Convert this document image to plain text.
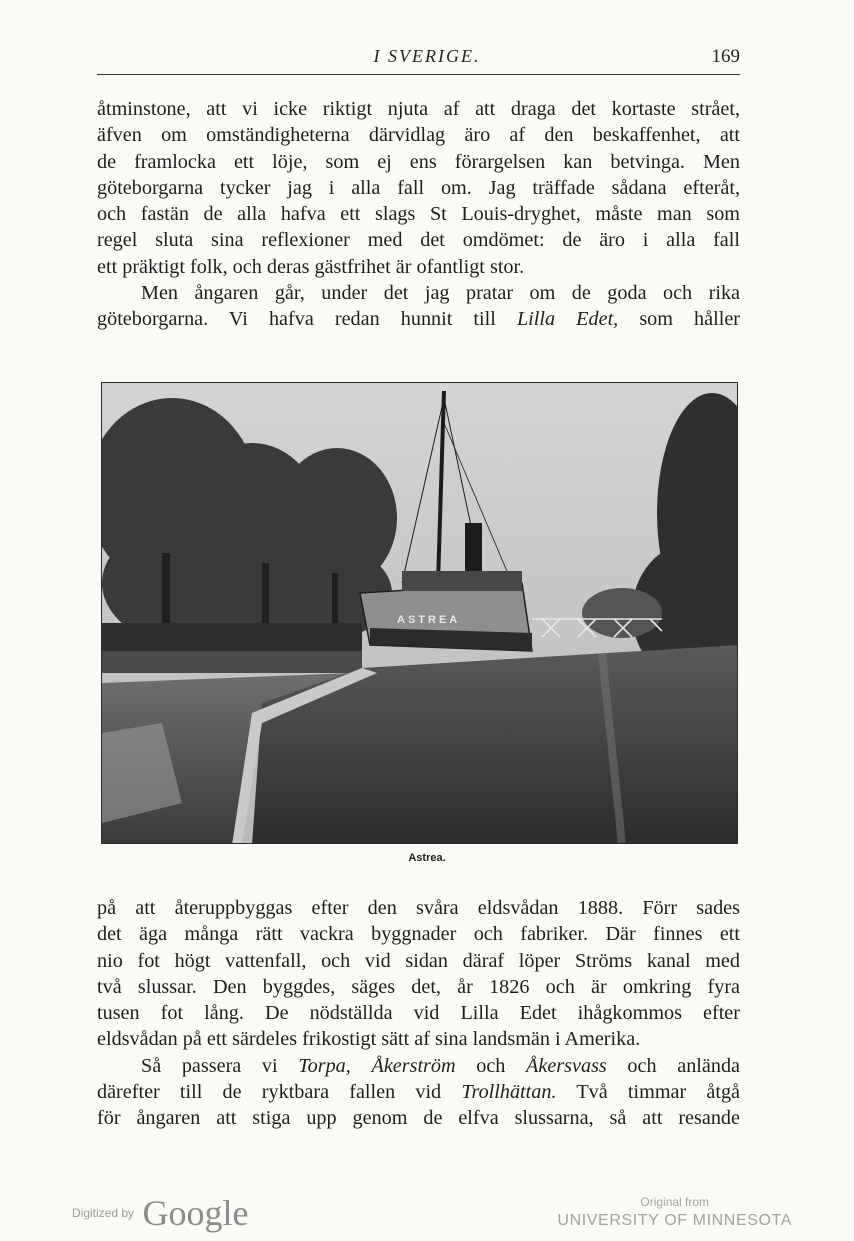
I SVERIGE.	169
åtminstone, att vi icke riktigt njuta af att draga det kortaste strået,
äfven om omständigheterna därvidlag äro af den beskaffenhet, att
de framlocka ett löje, som ej ens förargelsen kan betvinga. Men
göteborgarna tycker jag i alla fall om. Jag träffade sådana efteråt,
och fastän de alla hafva ett slags St Louis-dryghet, måste man som
regel sluta sina reflexioner med det omdömet: de äro i alla fall
ett präktigt folk, och deras gästfrihet är ofantligt stor.
Men ångaren går, under det jag pratar om de goda och rika
göteborgarna. Vi hafva redan hunnit till Lilla Edet, som håller
ASTREA
Astrea.
på att återuppbyggas efter den svåra eldsvådan 1888. Förr sades
det äga många rätt vackra byggnader och fabriker. Där finnes ett
nio fot högt vattenfall, och vid sidan däraf löper Ströms kanal med
två slussar. Den byggdes, säges det, år 1826 och är omkring fyra
tusen fot lång. De nödställda vid Lilla Edet ihågkommos efter
eldsvådan på ett särdeles frikostigt sätt af sina landsmän i Amerika.
Så passera vi Torpa, Åkerström och Åkersvass och anlända
därefter till de ryktbara fallen vid Trollhättan. Två timmar åtgå
för ångaren att stiga upp genom de elfva slussarna, så att resande
Digitized by Google	Original from
UNIVERSITY OF MINNESOTA
